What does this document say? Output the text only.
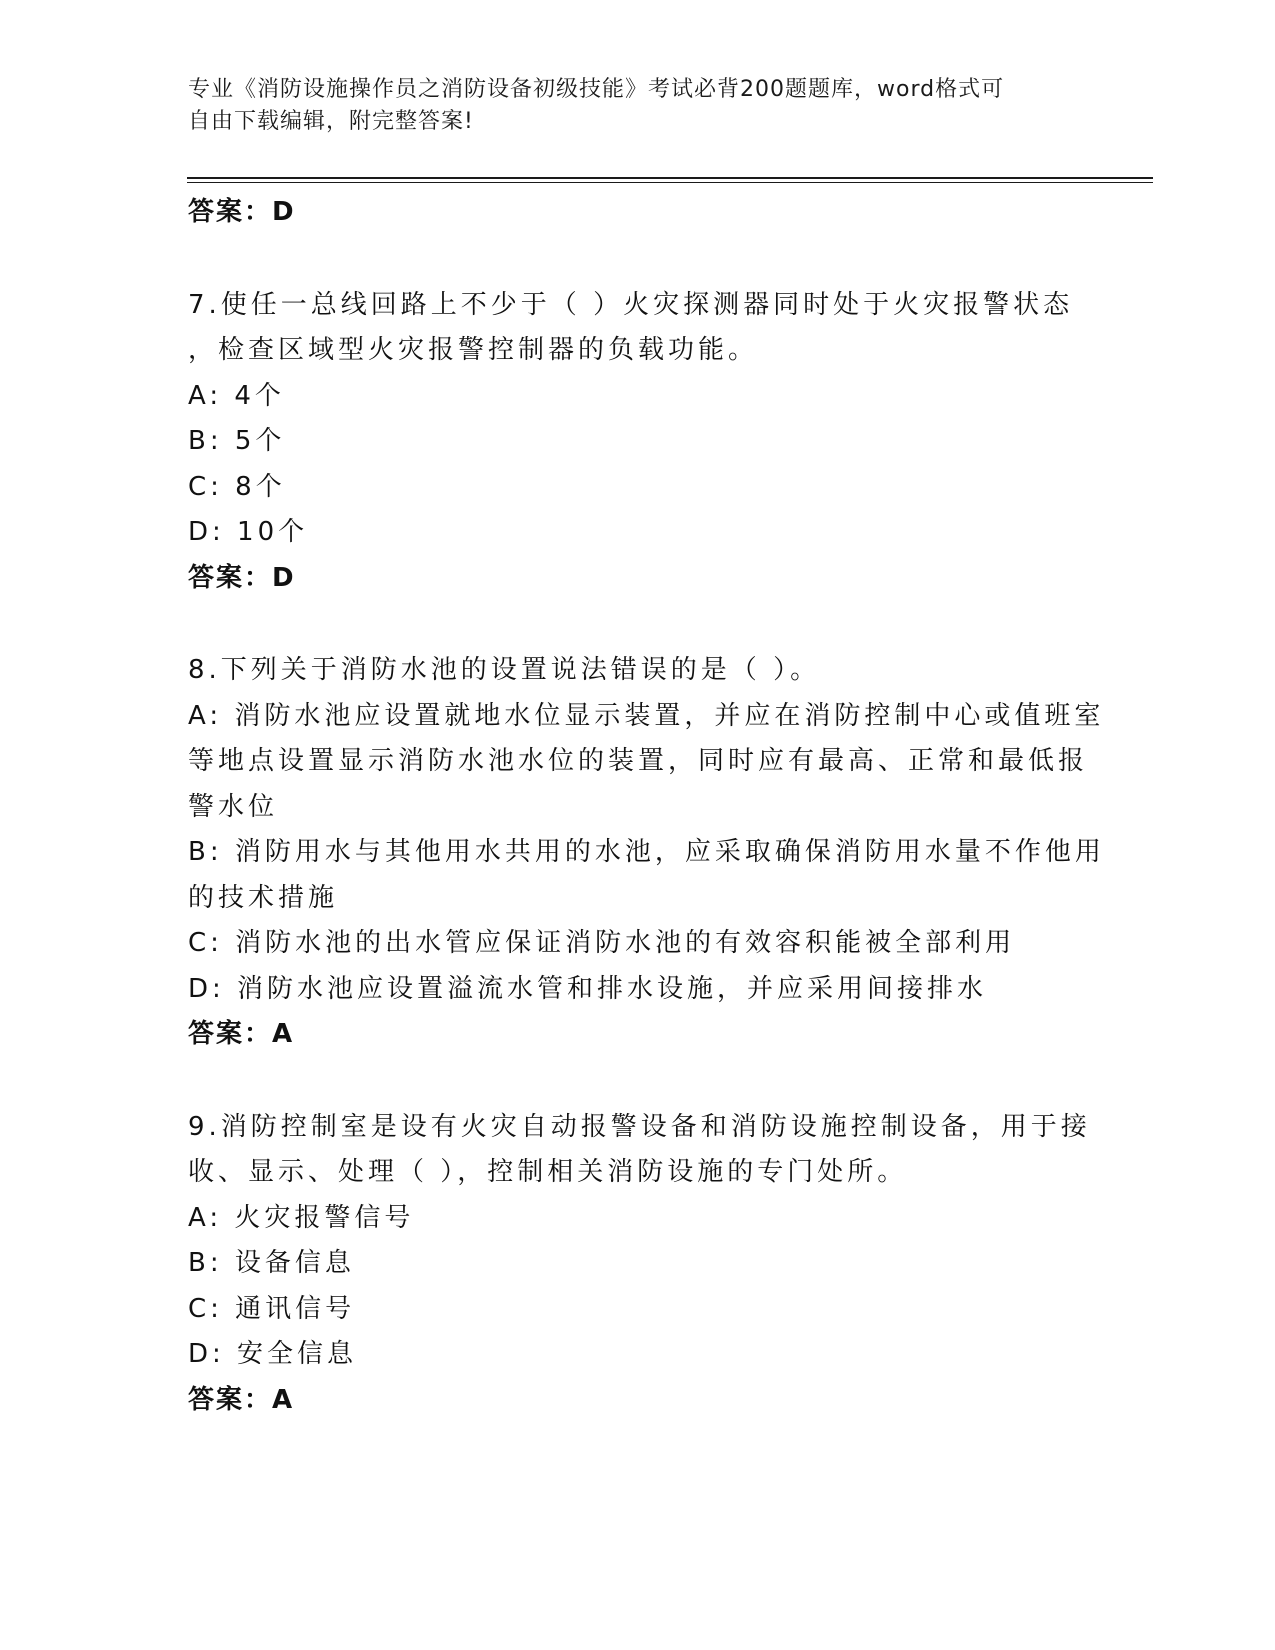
专业《消防设施操作员之消防设备初级技能》考试必背200题题库，word格式可
自由下载编辑，附完整答案!
答案：D
7.使任一总线回路上不少于（ ）火灾探测器同时处于火灾报警状态
，检查区域型火灾报警控制器的负载功能。
A: 4个
B: 5个
C: 8个
D: 10个
答案：D
8.下列关于消防水池的设置说法错误的是（ ）。
A: 消防水池应设置就地水位显示装置，并应在消防控制中心或值班室
等地点设置显示消防水池水位的装置，同时应有最高、正常和最低报
警水位
B: 消防用水与其他用水共用的水池，应采取确保消防用水量不作他用
的技术措施
C: 消防水池的出水管应保证消防水池的有效容积能被全部利用
D: 消防水池应设置溢流水管和排水设施，并应采用间接排水
答案：A
9.消防控制室是设有火灾自动报警设备和消防设施控制设备，用于接
收、显示、处理（ ），控制相关消防设施的专门处所。
A: 火灾报警信号
B: 设备信息
C: 通讯信号
D: 安全信息
答案：A
